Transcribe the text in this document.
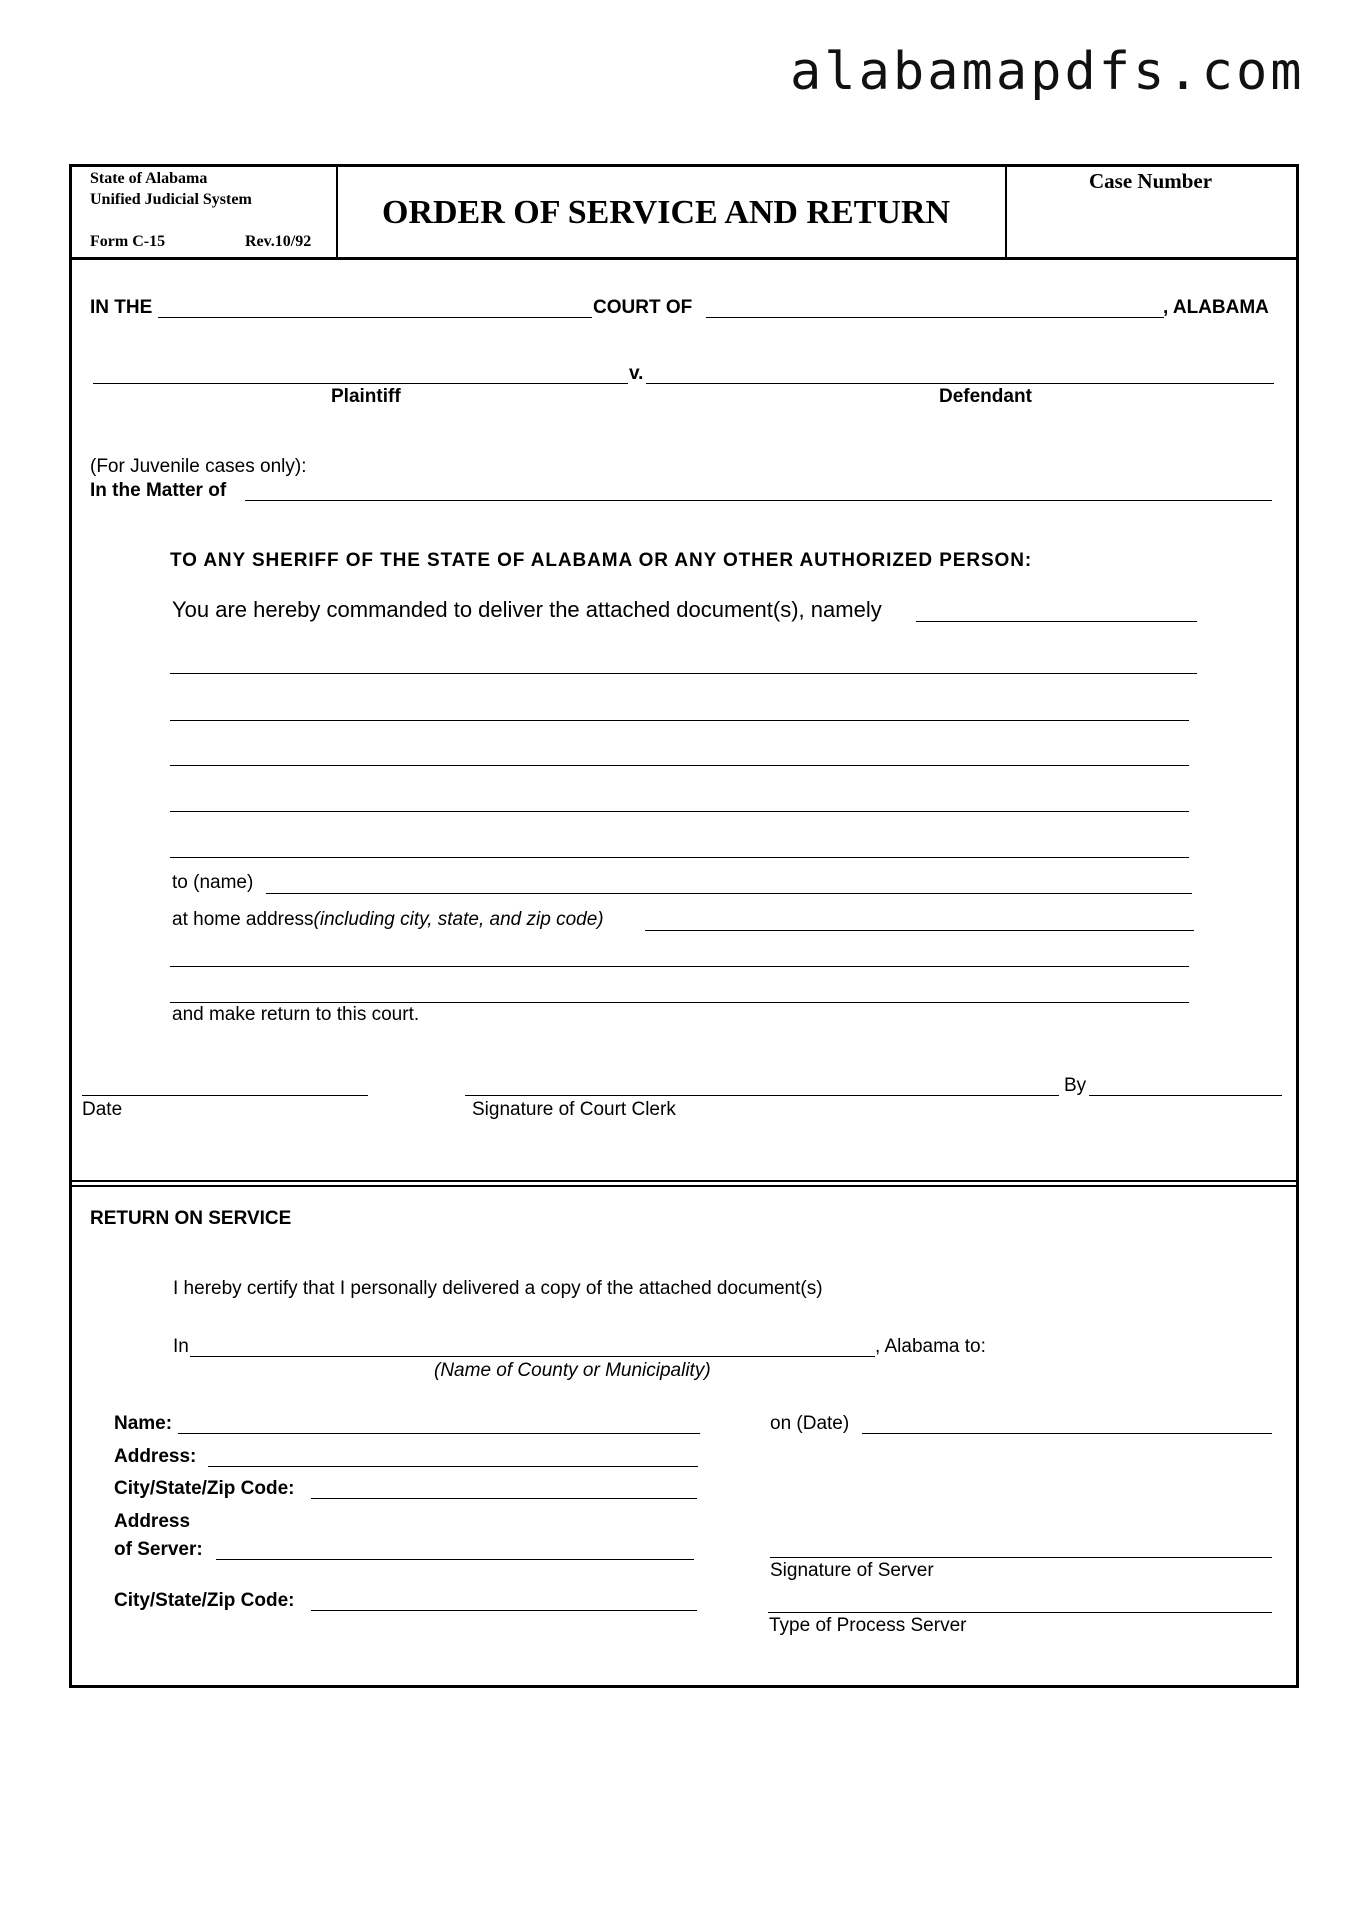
alabamapdfs.com
State of Alabama
Unified Judicial System
Form C-15	Rev.10/92
ORDER OF SERVICE AND RETURN
Case Number
IN THE	COURT OF	, ALABAMA
v.
Plaintiff	Defendant
(For Juvenile cases only):
In the Matter of
TO ANY SHERIFF OF THE STATE OF ALABAMA OR ANY OTHER AUTHORIZED PERSON:
You are hereby commanded to deliver the attached document(s), namely
to (name)
at home address(including city, state, and zip code)
and make return to this court.
Date	Signature of Court Clerk
By
RETURN ON SERVICE
I hereby certify that I personally delivered a copy of the attached document(s)
In	, Alabama to:
(Name of County or Municipality)
Name:
Address:
City/State/Zip Code:
Address
of Server:
City/State/Zip Code:
on (Date)
Signature of Server
Type of Process Server
